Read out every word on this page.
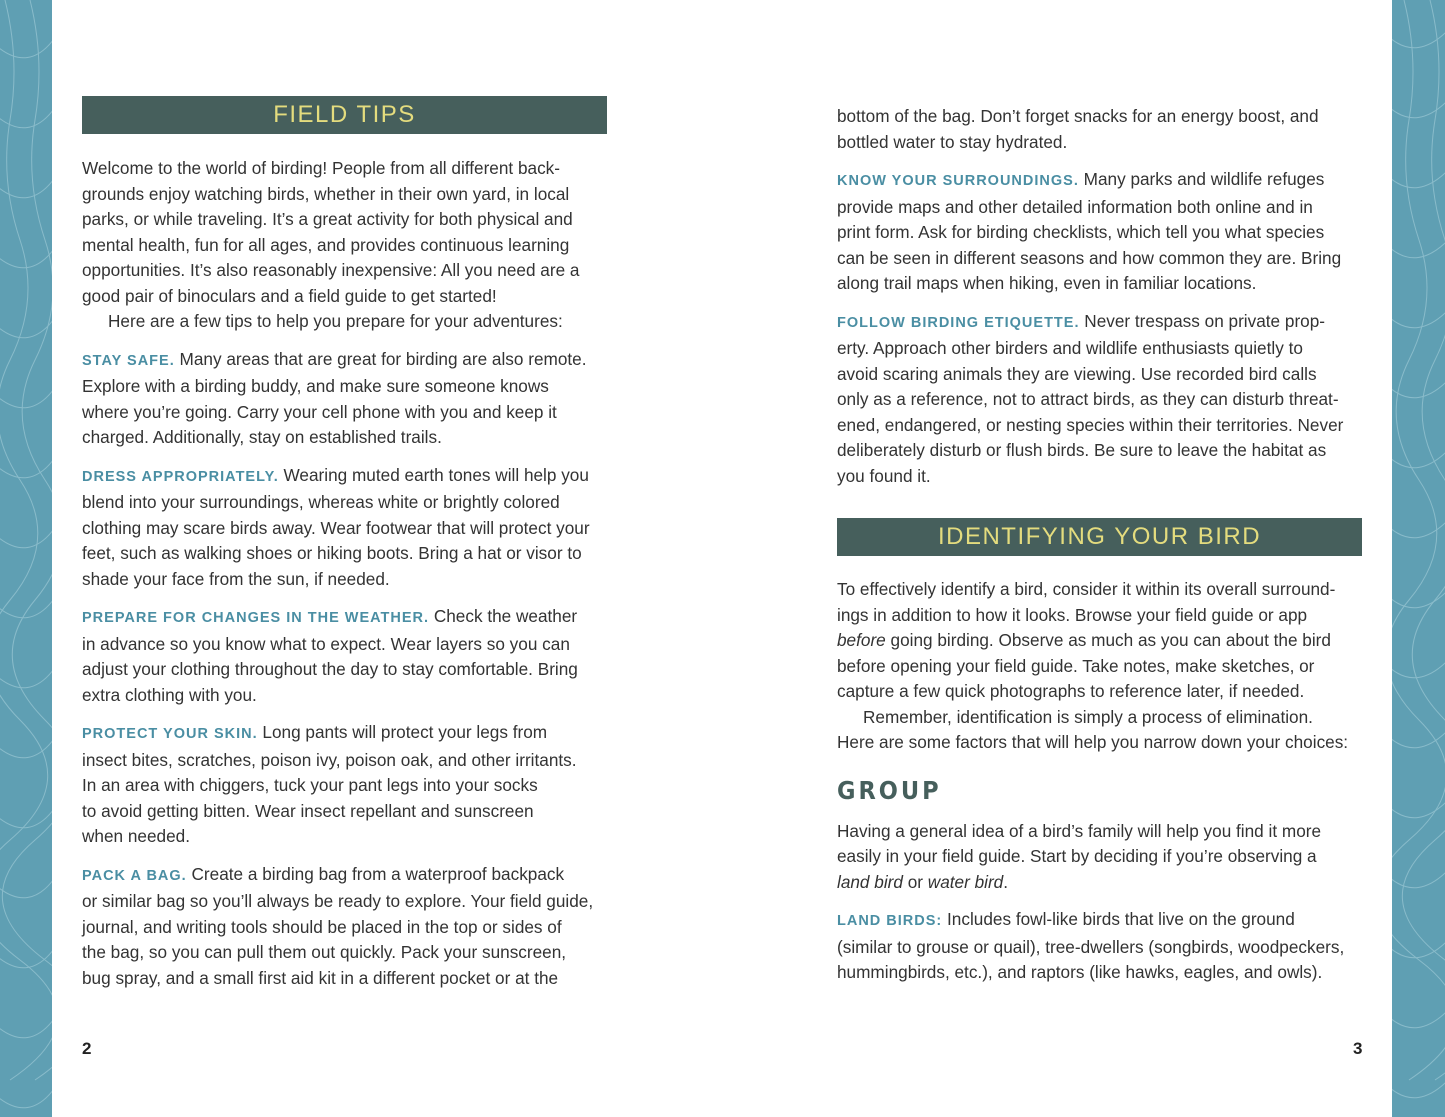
FIELD TIPS

Welcome to the world of birding! People from all different back-
grounds enjoy watching birds, whether in their own yard, in local
parks, or while traveling. It’s a great activity for both physical and
mental health, fun for all ages, and provides continuous learning
opportunities. It’s also reasonably inexpensive: All you need are a
good pair of binoculars and a field guide to get started!

Here are a few tips to help you prepare for your adventures:

STAY SAFE. Many areas that are great for birding are also remote.
Explore with a birding buddy, and make sure someone knows
where you’re going. Carry your cell phone with you and keep it
charged. Additionally, stay on established trails.

DRESS APPROPRIATELY. Wearing muted earth tones will help you
blend into your surroundings, whereas white or brightly colored
clothing may scare birds away. Wear footwear that will protect your
feet, such as walking shoes or hiking boots. Bring a hat or visor to
shade your face from the sun, if needed.

PREPARE FOR CHANGES IN THE WEATHER. Check the weather
in advance so you know what to expect. Wear layers so you can
adjust your clothing throughout the day to stay comfortable. Bring
extra clothing with you.

PROTECT YOUR SKIN. Long pants will protect your legs from
insect bites, scratches, poison ivy, poison oak, and other irritants.
In an area with chiggers, tuck your pant legs into your socks
to avoid getting bitten. Wear insect repellant and sunscreen
when needed.

PACK A BAG. Create a birding bag from a waterproof backpack
or similar bag so you’ll always be ready to explore. Your field guide,
journal, and writing tools should be placed in the top or sides of
the bag, so you can pull them out quickly. Pack your sunscreen,
bug spray, and a small first aid kit in a different pocket or at the

2

bottom of the bag. Don’t forget snacks for an energy boost, and
bottled water to stay hydrated.

KNOW YOUR SURROUNDINGS. Many parks and wildlife refuges
provide maps and other detailed information both online and in
print form. Ask for birding checklists, which tell you what species
can be seen in different seasons and how common they are. Bring
along trail maps when hiking, even in familiar locations.

FOLLOW BIRDING ETIQUETTE. Never trespass on private prop-
erty. Approach other birders and wildlife enthusiasts quietly to
avoid scaring animals they are viewing. Use recorded bird calls
only as a reference, not to attract birds, as they can disturb threat-
ened, endangered, or nesting species within their territories. Never
deliberately disturb or flush birds. Be sure to leave the habitat as
you found it.

IDENTIFYING YOUR BIRD

To effectively identify a bird, consider it within its overall surround-
ings in addition to how it looks. Browse your field guide or app
before going birding. Observe as much as you can about the bird
before opening your field guide. Take notes, make sketches, or
capture a few quick photographs to reference later, if needed.

Remember, identification is simply a process of elimination.

Here are some factors that will help you narrow down your choices:

GROUP

Having a general idea of a bird’s family will help you find it more
easily in your field guide. Start by deciding if you’re observing a
land bird or water bird.

LAND BIRDS: Includes fowl-like birds that live on the ground
(similar to grouse or quail), tree-dwellers (songbirds, woodpeckers,
hummingbirds, etc.), and raptors (like hawks, eagles, and owls).

3
